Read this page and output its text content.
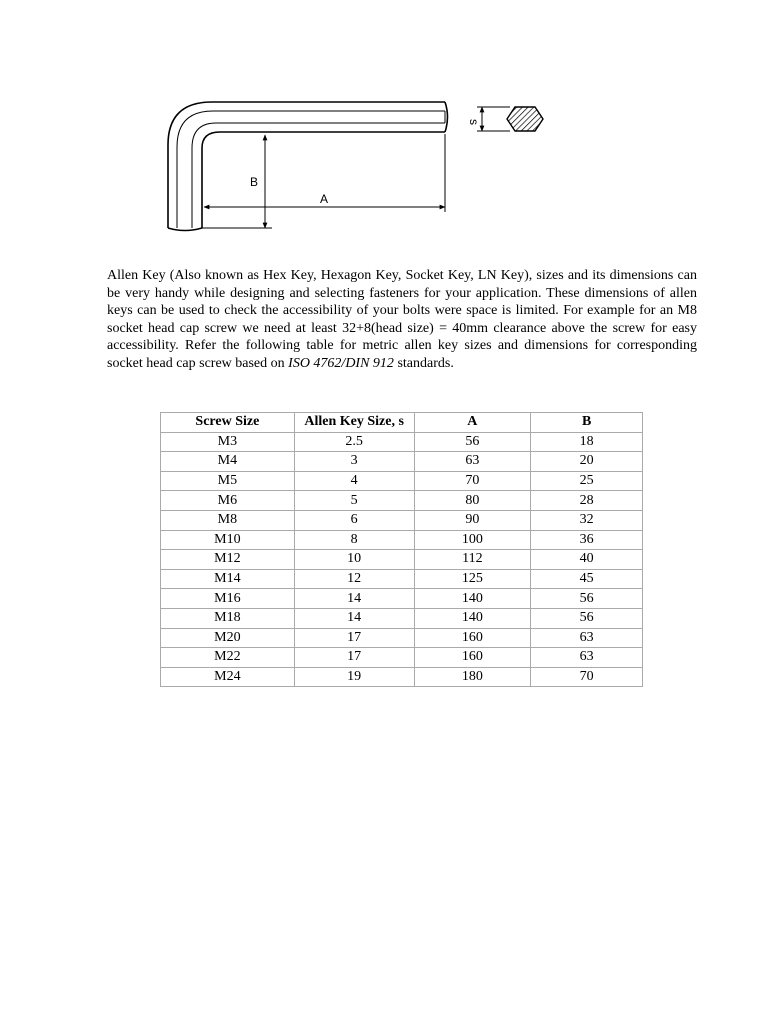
B
A
s

Allen Key (Also known as Hex Key, Hexagon Key, Socket Key, LN Key), sizes and its dimensions can be very handy while designing and selecting fasteners for your application. These dimensions of allen keys can be used to check the accessibility of your bolts were space is limited. For example for an M8 socket head cap screw we need at least 32+8(head size) = 40mm clearance above the screw for easy accessibility. Refer the following table for metric allen key sizes and dimensions for corresponding socket head cap screw based on ISO 4762/DIN 912 standards.

Screw Size	Allen Key Size, s	A	B
M3	2.5	56	18
M4	3	63	20
M5	4	70	25
M6	5	80	28
M8	6	90	32
M10	8	100	36
M12	10	112	40
M14	12	125	45
M16	14	140	56
M18	14	140	56
M20	17	160	63
M22	17	160	63
M24	19	180	70
